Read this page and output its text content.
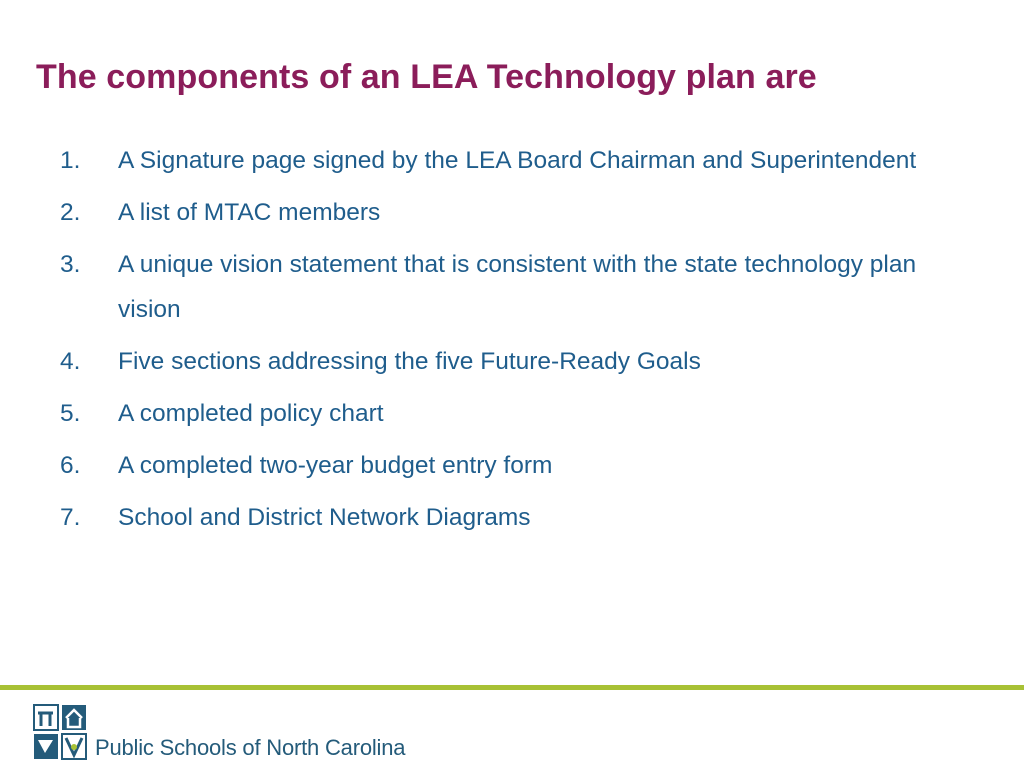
The components of an LEA Technology plan are
1.	A Signature page signed by the LEA Board Chairman and Superintendent
2.	A list of MTAC members
3.	A unique vision statement that is consistent with the state technology plan vision
4.	Five sections addressing the five Future-Ready Goals
5.	A completed policy chart
6.	A completed two-year budget entry form
7.	School and District Network Diagrams
Public Schools of North Carolina
